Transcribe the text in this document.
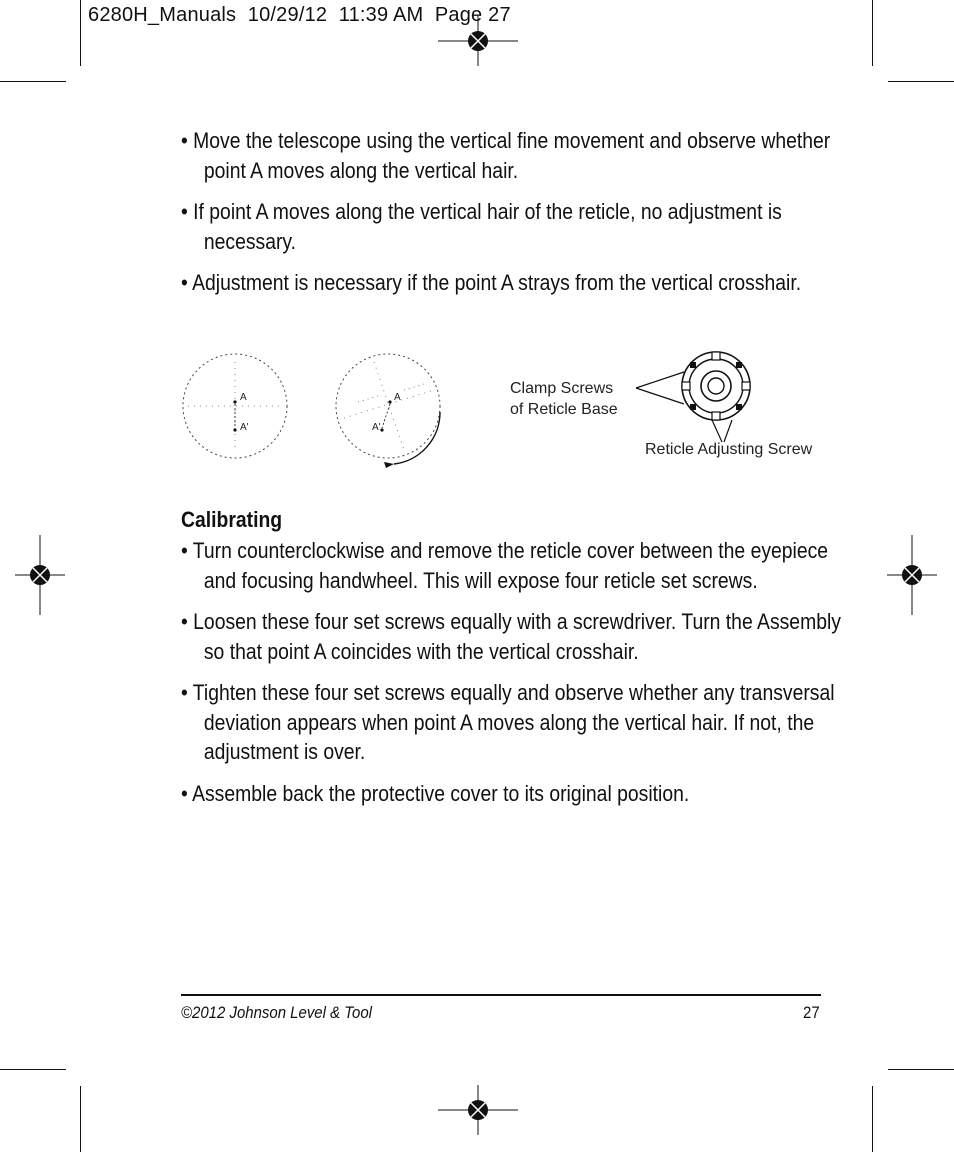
6280H_Manuals  10/29/12  11:39 AM  Page 27

• Move the telescope using the vertical fine movement and observe whether point A moves along the vertical hair.

• If point A moves along the vertical hair of the reticle, no adjustment is necessary.

• Adjustment is necessary if the point A strays from the vertical crosshair.

A
A'
A
A'
Clamp Screws
of Reticle Base
Reticle Adjusting Screw
Calibrating

• Turn counterclockwise and remove the reticle cover between the eyepiece and focusing handwheel. This will expose four reticle set screws.

• Loosen these four set screws equally with a screwdriver. Turn the Assembly so that point A coincides with the vertical crosshair.

• Tighten these four set screws equally and observe whether any transversal deviation appears when point A moves along the vertical hair. If not, the adjustment is over.

• Assemble back the protective cover to its original position.

©2012 Johnson Level & Tool	27
